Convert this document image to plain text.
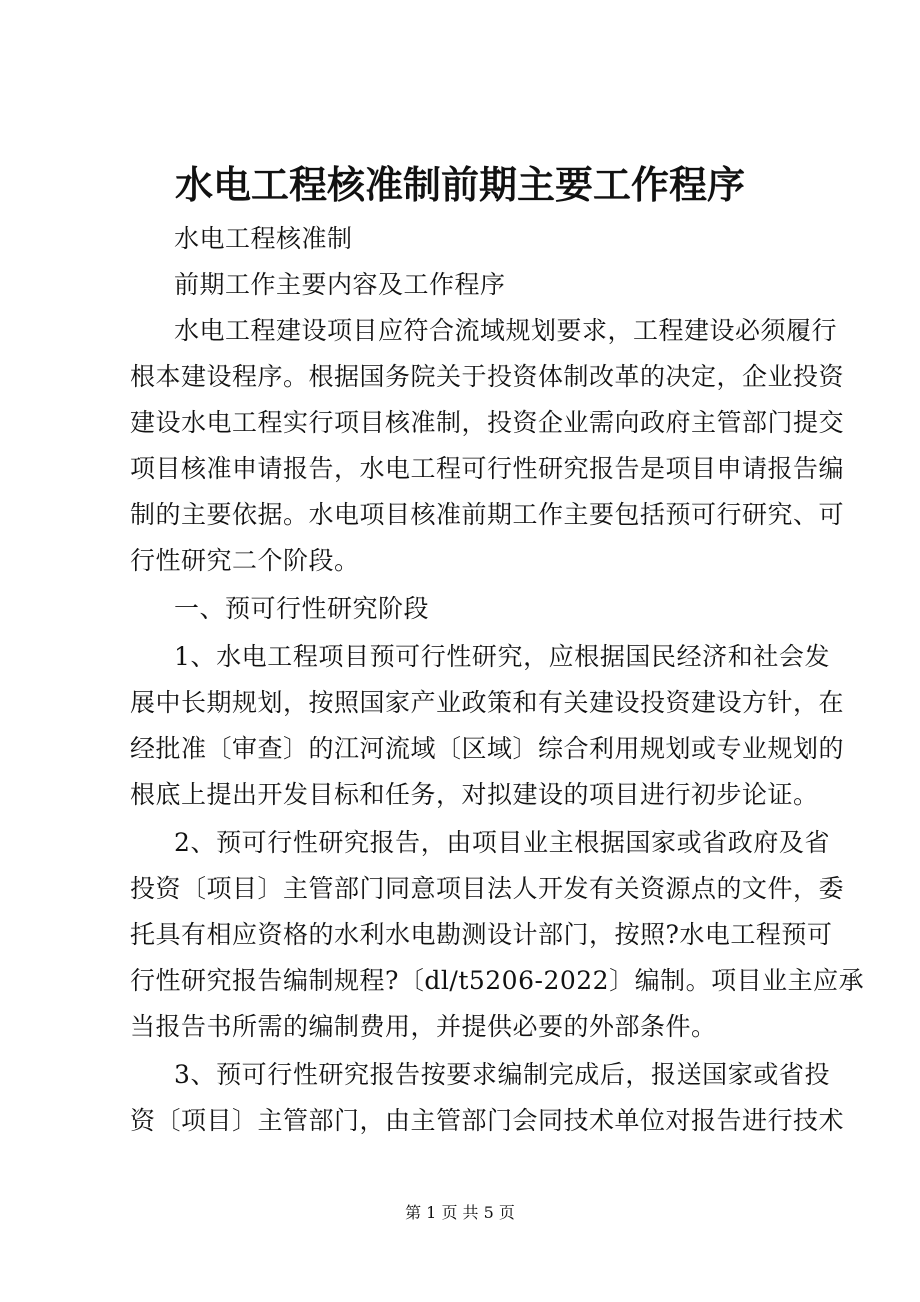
水电工程核准制前期主要工作程序
水电工程核准制
前期工作主要内容及工作程序
水电工程建设项目应符合流域规划要求，工程建设必须履行
根本建设程序。根据国务院关于投资体制改革的决定，企业投资
建设水电工程实行项目核准制，投资企业需向政府主管部门提交
项目核准申请报告，水电工程可行性研究报告是项目申请报告编
制的主要依据。水电项目核准前期工作主要包括预可行研究、可
行性研究二个阶段。
一、预可行性研究阶段
1、水电工程项目预可行性研究，应根据国民经济和社会发
展中长期规划，按照国家产业政策和有关建设投资建设方针，在
经批准〔审查〕的江河流域〔区域〕综合利用规划或专业规划的
根底上提出开发目标和任务，对拟建设的项目进行初步论证。
2、预可行性研究报告，由项目业主根据国家或省政府及省
投资〔项目〕主管部门同意项目法人开发有关资源点的文件，委
托具有相应资格的水利水电勘测设计部门，按照?水电工程预可
行性研究报告编制规程?〔dl/t5206-2022〕编制。项目业主应承
当报告书所需的编制费用，并提供必要的外部条件。
3、预可行性研究报告按要求编制完成后，报送国家或省投
资〔项目〕主管部门，由主管部门会同技术单位对报告进行技术
第 1 页 共 5 页
